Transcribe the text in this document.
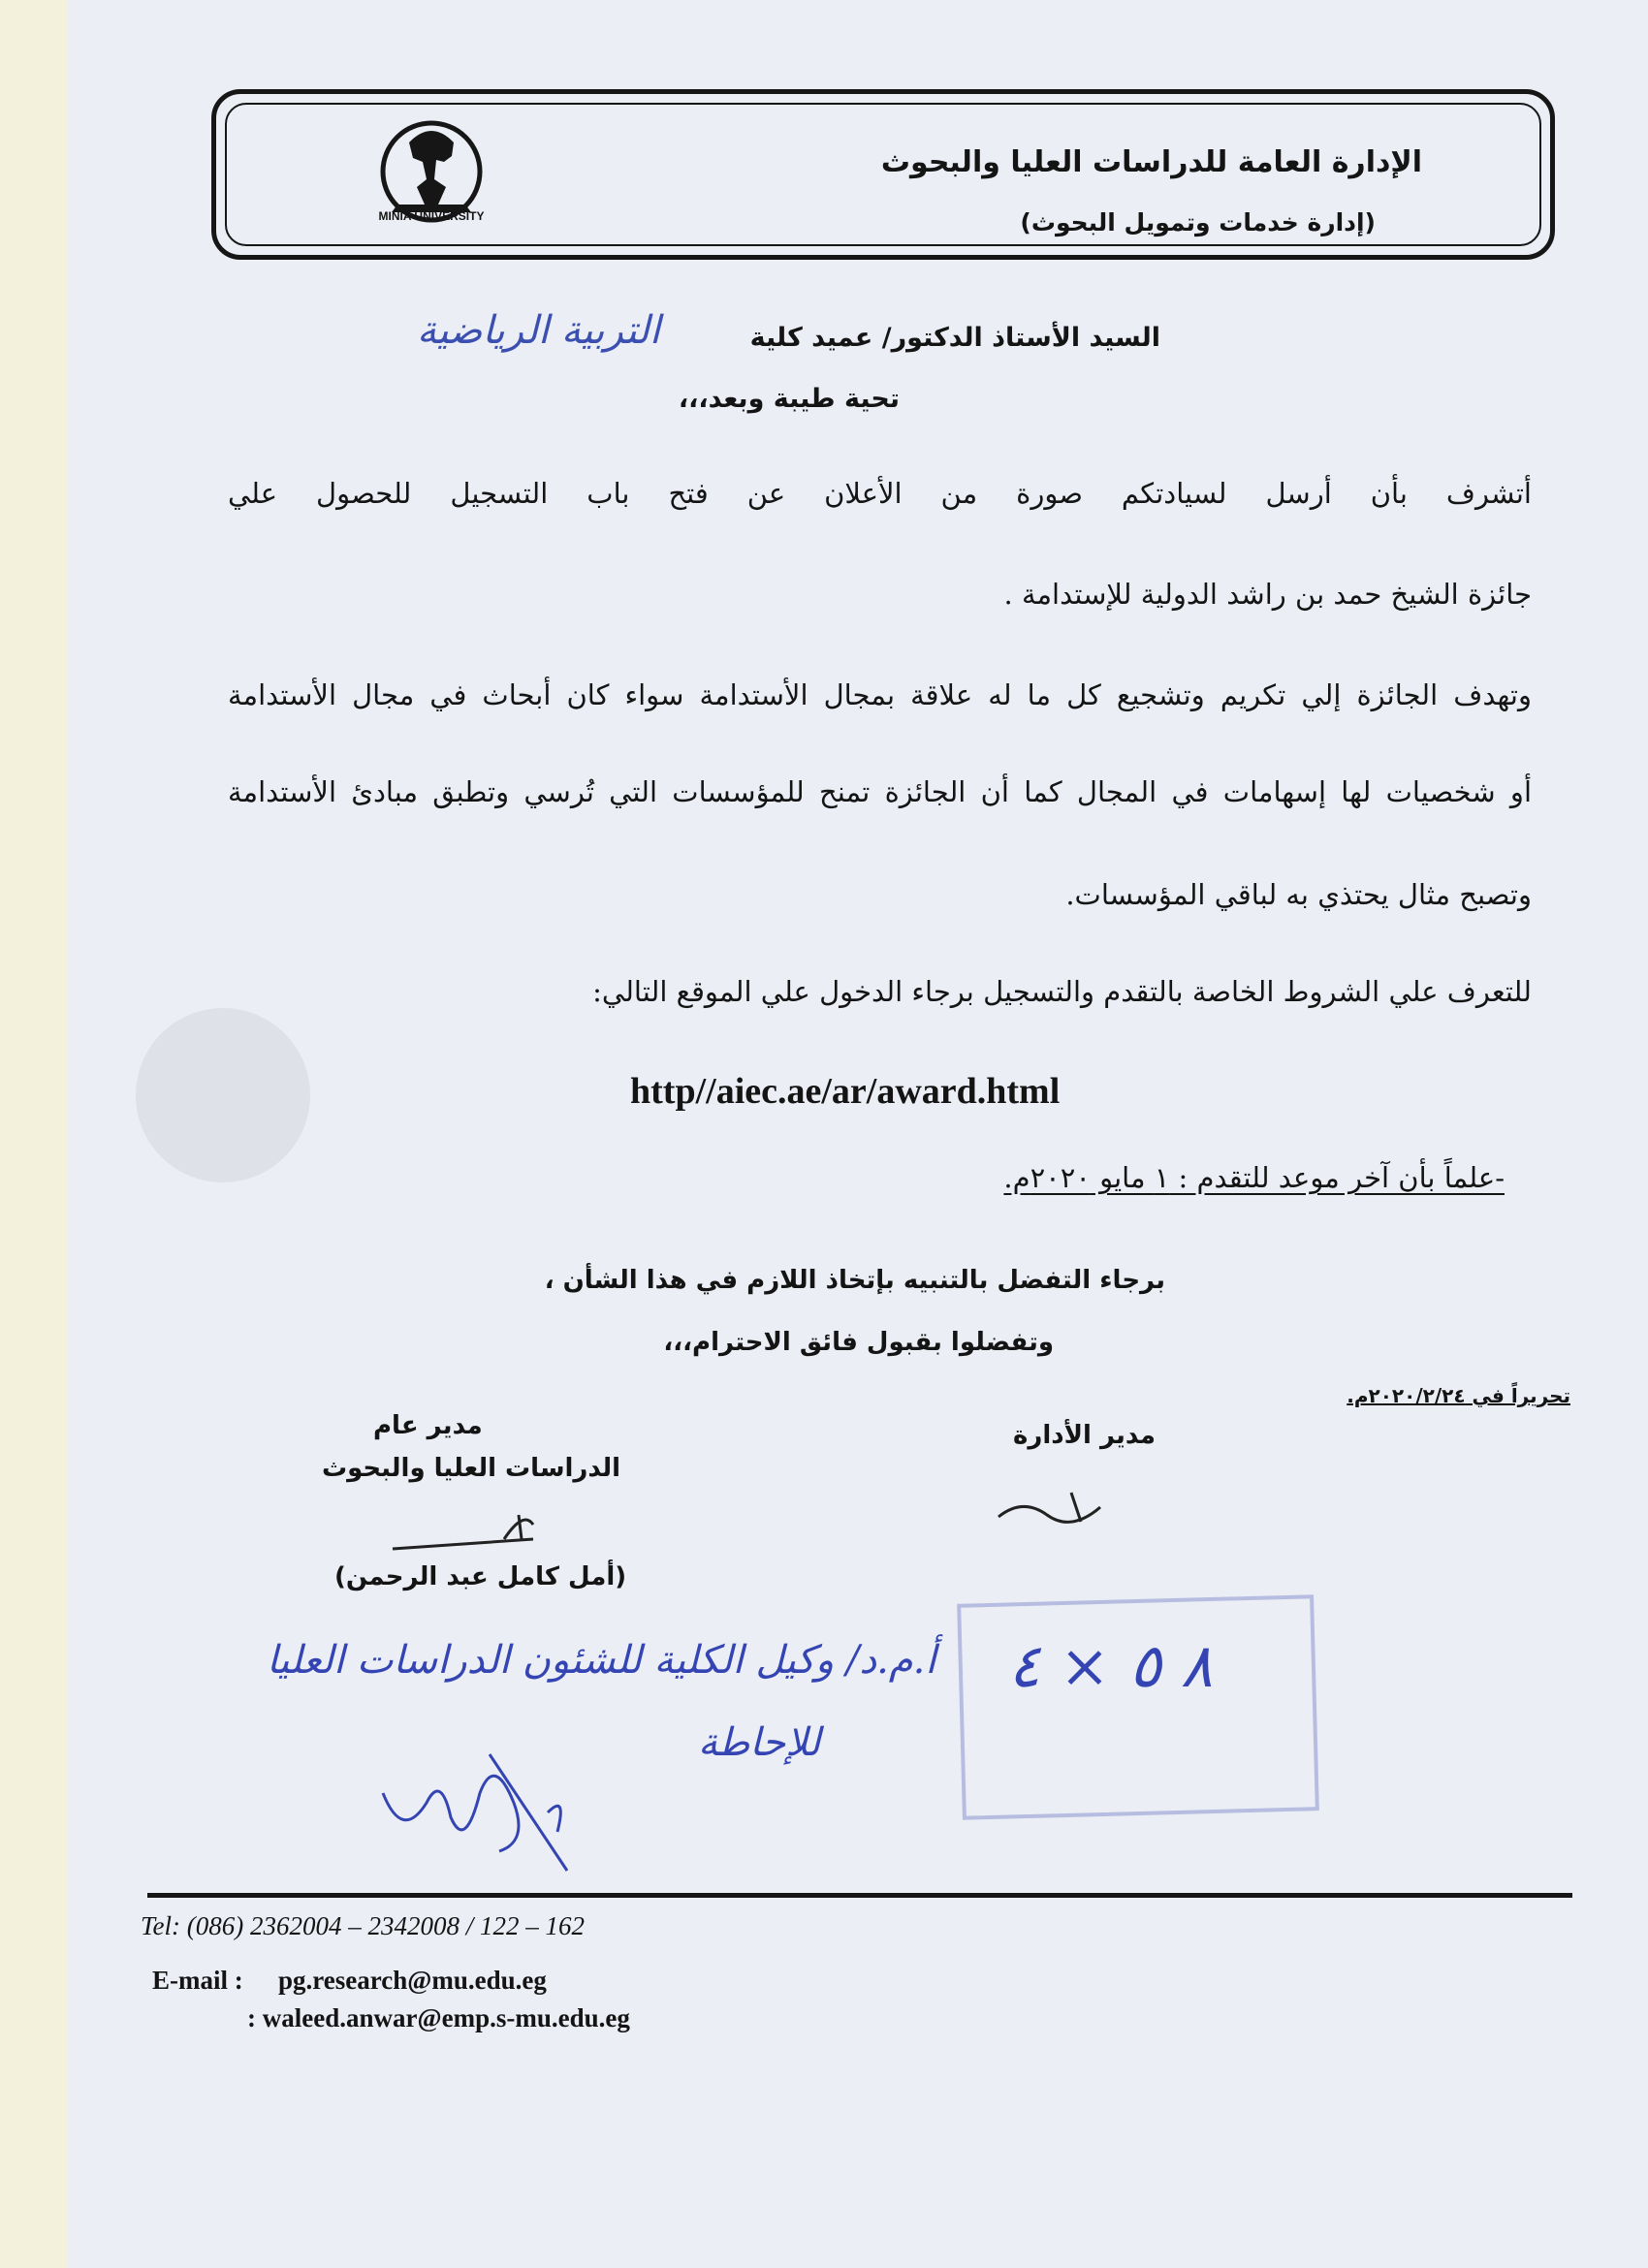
MINIA UNIVERSITY
الإدارة العامة للدراسات العليا والبحوث
(إدارة خدمات وتمويل البحوث)
السيد الأستاذ الدكتور/ عميد كلية
التربية الرياضية
تحية طيبة وبعد،،،
أتشرف بأن أرسل لسيادتكم صورة من الأعلان عن فتح باب التسجيل للحصول علي
جائزة الشيخ حمد بن راشد الدولية للإستدامة .
وتهدف الجائزة إلي تكريم وتشجيع كل ما له علاقة بمجال الأستدامة سواء كان أبحاث في مجال الأستدامة
أو شخصيات لها إسهامات في المجال كما أن الجائزة تمنح للمؤسسات التي تُرسي وتطبق مبادئ الأستدامة
وتصبح مثال يحتذي به لباقي المؤسسات.
للتعرف علي الشروط الخاصة بالتقدم والتسجيل برجاء الدخول علي الموقع التالي:
http//aiec.ae/ar/award.html
-علماً بأن آخر موعد للتقدم : ١ مايو ٢٠٢٠م.
برجاء التفضل بالتنبيه بإتخاذ اللازم في هذا الشأن ،
وتفضلوا بقبول فائق الاحترام،،،
تحريراً في ٢٠٢٠/٢/٢٤م.
مدير الأدارة
مدير عام
الدراسات العليا والبحوث
(أمل كامل عبد الرحمن)
أ.م.د/ وكيل الكلية للشئون الدراسات العليا
للإحاطة
٨ ٥ × ٤
Tel: (086) 2362004 – 2342008 / 122 – 162
E-mail : pg.research@mu.edu.eg
: waleed.anwar@emp.s-mu.edu.eg
